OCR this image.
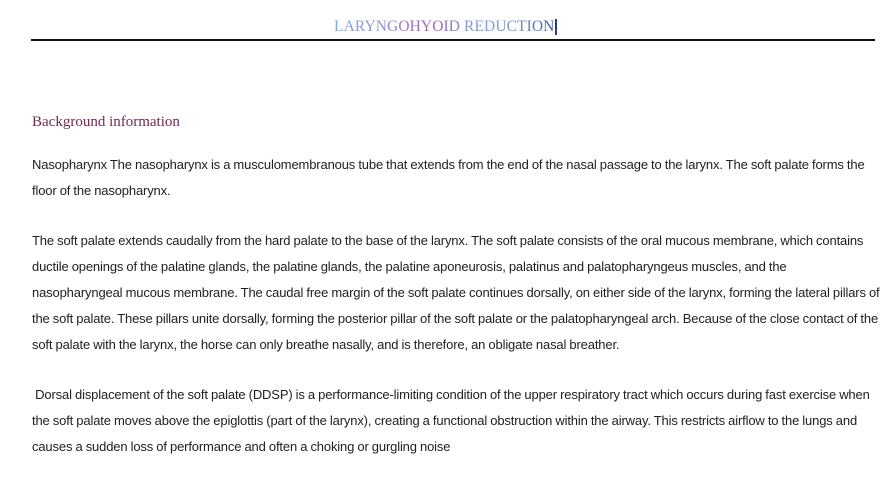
LARYNGOHYOID REDUCTION
Background information

Nasopharynx The nasopharynx is a musculomembranous tube that extends from the end of the nasal passage to the larynx. The soft palate forms the floor of the nasopharynx.

The soft palate extends caudally from the hard palate to the base of the larynx. The soft palate consists of the oral mucous membrane, which contains ductile openings of the palatine glands, the palatine glands, the palatine aponeurosis, palatinus and palatopharyngeus muscles, and the nasopharyngeal mucous membrane. The caudal free margin of the soft palate continues dorsally, on either side of the larynx, forming the lateral pillars of the soft palate. These pillars unite dorsally, forming the posterior pillar of the soft palate or the palatopharyngeal arch. Because of the close contact of the soft palate with the larynx, the horse can only breathe nasally, and is therefore, an obligate nasal breather.

Dorsal displacement of the soft palate (DDSP) is a performance-limiting condition of the upper respiratory tract which occurs during fast exercise when the soft palate moves above the epiglottis (part of the larynx), creating a functional obstruction within the airway. This restricts airflow to the lungs and causes a sudden loss of performance and often a choking or gurgling noise
